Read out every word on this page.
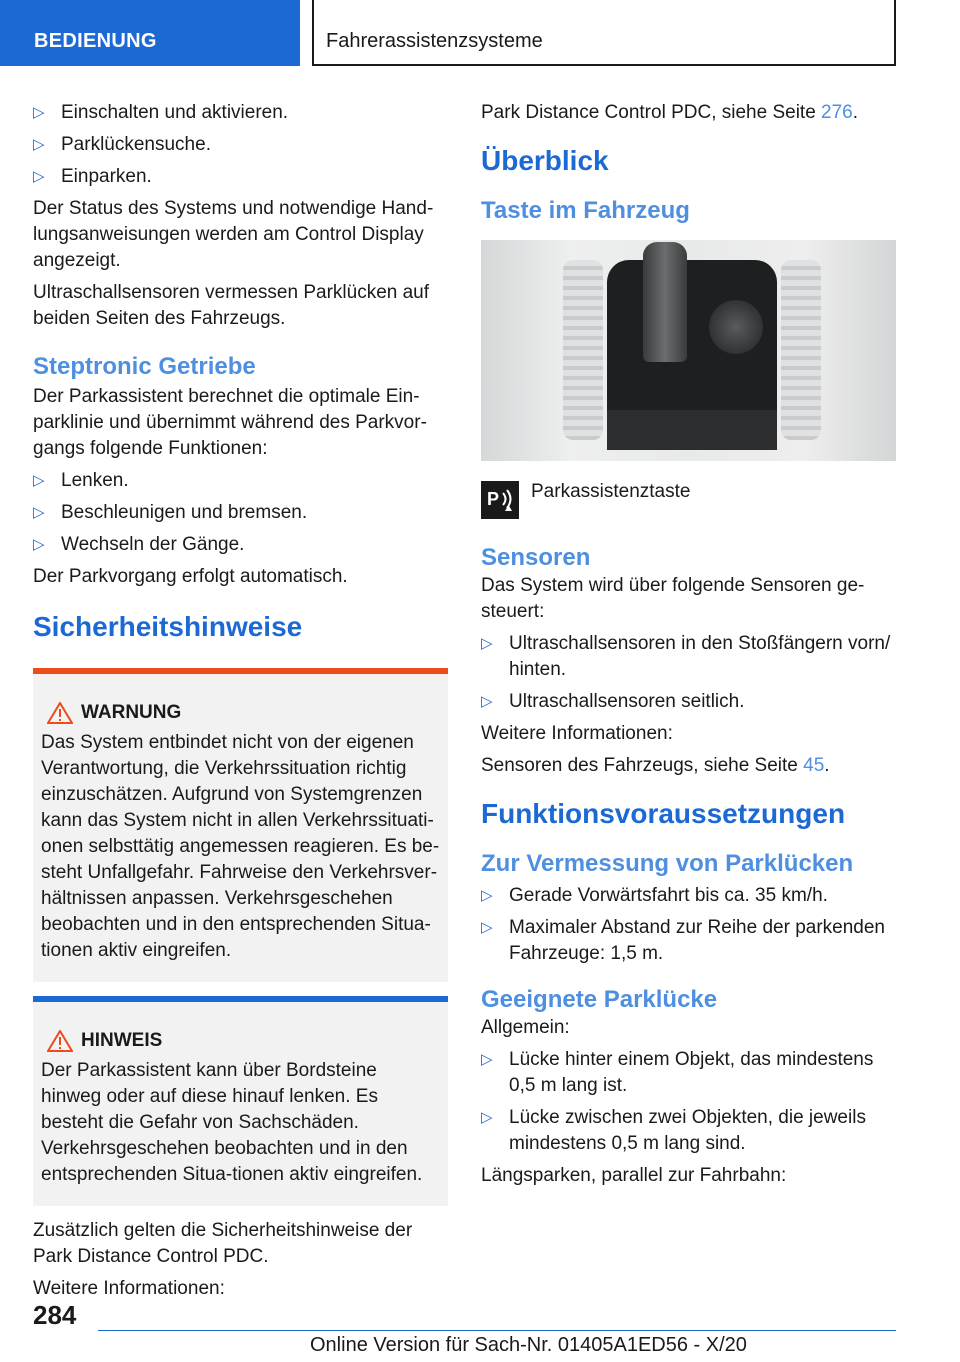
BEDIENUNG	Fahrerassistenzsysteme
▷ Einschalten und aktivieren.
▷ Parklückensuche.
▷ Einparken.

Der Status des Systems und notwendige Hand-lungsanweisungen werden am Control Display angezeigt.

Ultraschallsensoren vermessen Parklücken auf beiden Seiten des Fahrzeugs.

Steptronic Getriebe

Der Parkassistent berechnet die optimale Ein-parklinie und übernimmt während des Parkvor-gangs folgende Funktionen:

▷ Lenken.
▷ Beschleunigen und bremsen.
▷ Wechseln der Gänge.

Der Parkvorgang erfolgt automatisch.

Sicherheitshinweise
WARNUNG

Das System entbindet nicht von der eigenen Verantwortung, die Verkehrssituation richtig einzuschätzen. Aufgrund von Systemgrenzen kann das System nicht in allen Verkehrssituati-onen selbsttätig angemessen reagieren. Es be-steht Unfallgefahr. Fahrweise den Verkehrsver-hältnissen anpassen. Verkehrsgeschehen beobachten und in den entsprechenden Situa-tionen aktiv eingreifen.

HINWEIS

Der Parkassistent kann über Bordsteine hinweg oder auf diese hinauf lenken. Es besteht die Gefahr von Sachschäden. Verkehrsgeschehen beobachten und in den entsprechenden Situa-tionen aktiv eingreifen.

Zusätzlich gelten die Sicherheitshinweise der Park Distance Control PDC.

Weitere Informationen:

Park Distance Control PDC, siehe Seite 276.

Überblick
Taste im Fahrzeug
P Parkassistenztaste
Sensoren

Das System wird über folgende Sensoren ge-steuert:

▷ Ultraschallsensoren in den Stoßfängern vorn/ hinten.
▷ Ultraschallsensoren seitlich.

Weitere Informationen:

Sensoren des Fahrzeugs, siehe Seite 45.

Funktionsvoraussetzungen
Zur Vermessung von Parklücken
▷ Gerade Vorwärtsfahrt bis ca. 35 km/h.
▷ Maximaler Abstand zur Reihe der parkenden Fahrzeuge: 1,5 m.
Geeignete Parklücke

Allgemein:

▷ Lücke hinter einem Objekt, das mindestens 0,5 m lang ist.
▷ Lücke zwischen zwei Objekten, die jeweils mindestens 0,5 m lang sind.

Längsparken, parallel zur Fahrbahn:

284
Online Version für Sach-Nr. 01405A1ED56 - X/20
